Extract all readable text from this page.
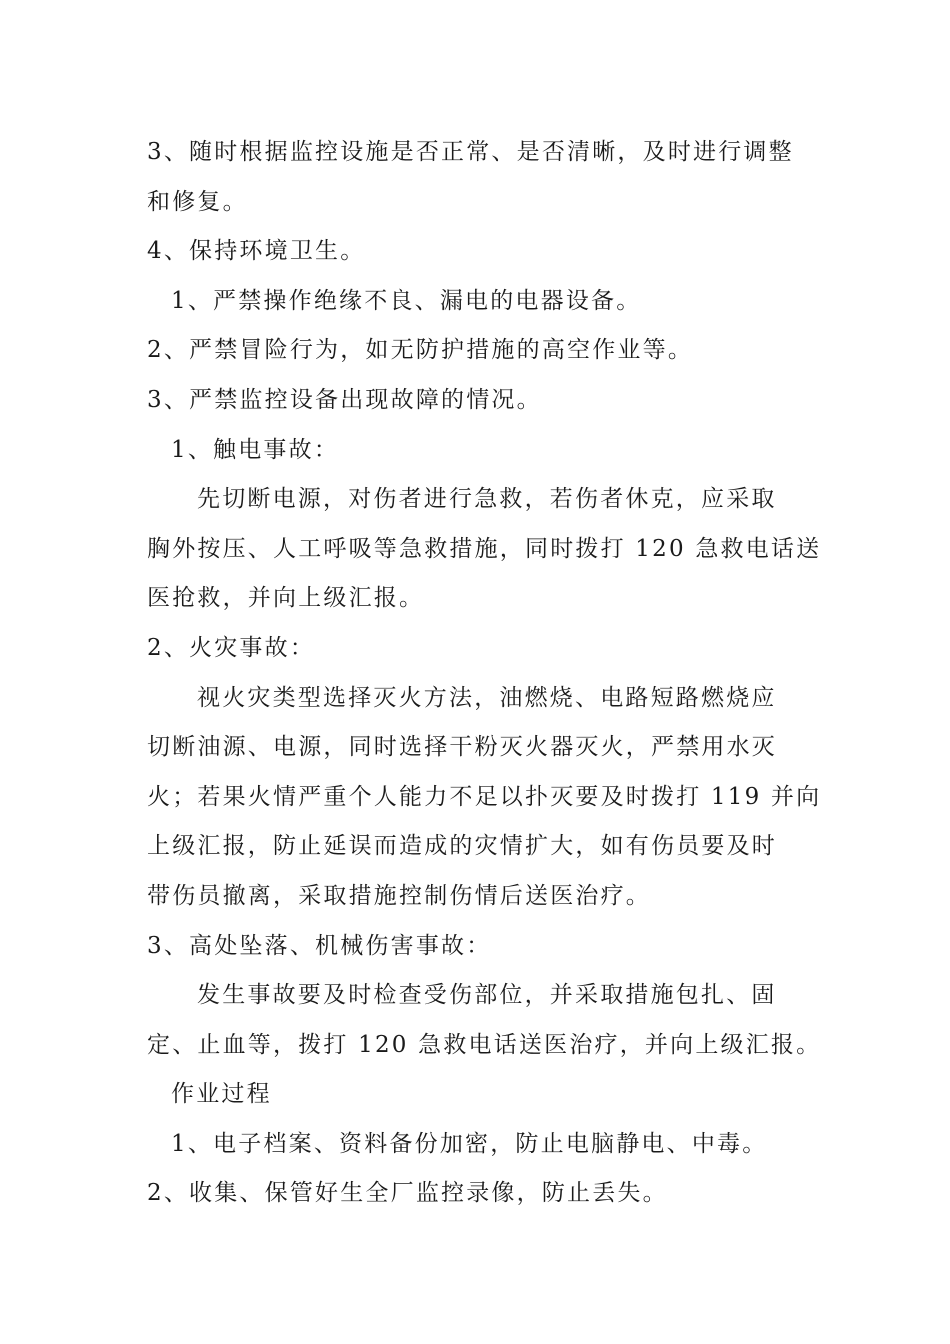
3、随时根据监控设施是否正常、是否清晰，及时进行调整

和修复。

4、保持环境卫生。

1、严禁操作绝缘不良、漏电的电器设备。

2、严禁冒险行为，如无防护措施的高空作业等。

3、严禁监控设备出现故障的情况。

1、触电事故：

先切断电源，对伤者进行急救，若伤者休克，应采取

胸外按压、人工呼吸等急救措施，同时拨打 120 急救电话送

医抢救，并向上级汇报。

2、火灾事故：

视火灾类型选择灭火方法，油燃烧、电路短路燃烧应

切断油源、电源，同时选择干粉灭火器灭火，严禁用水灭

火；若果火情严重个人能力不足以扑灭要及时拨打 119 并向

上级汇报，防止延误而造成的灾情扩大，如有伤员要及时

带伤员撤离，采取措施控制伤情后送医治疗。

3、高处坠落、机械伤害事故：

发生事故要及时检查受伤部位，并采取措施包扎、固

定、止血等，拨打 120 急救电话送医治疗，并向上级汇报。

作业过程

1、电子档案、资料备份加密，防止电脑静电、中毒。

2、收集、保管好生全厂监控录像，防止丢失。
